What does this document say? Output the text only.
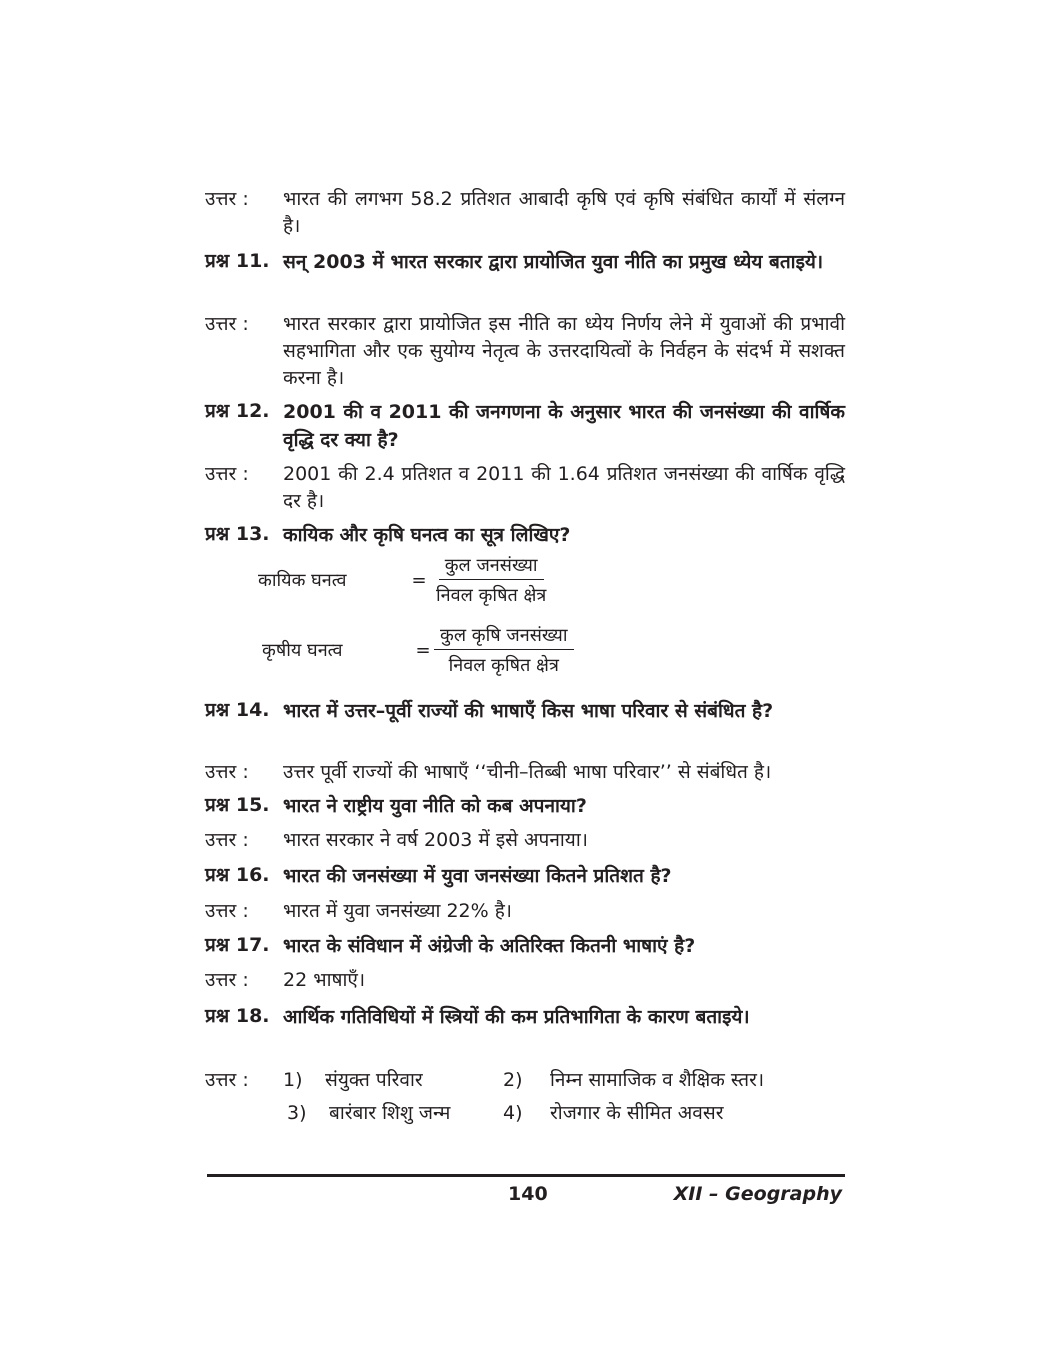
उत्तर :	भारत की लगभग 58.2 प्रतिशत आबादी कृषि एवं कृषि संबंधित कार्यों में संलग्न है।
प्रश्न 11. सन् 2003 में भारत सरकार द्वारा प्रायोजित युवा नीति का प्रमुख ध्येय बताइये।
उत्तर :	भारत सरकार द्वारा प्रायोजित इस नीति का ध्येय निर्णय लेने में युवाओं की प्रभावी सहभागिता और एक सुयोग्य नेतृत्व के उत्तरदायित्वों के निर्वहन के संदर्भ में सशक्त करना है।
प्रश्न 12. 2001 की व 2011 की जनगणना के अनुसार भारत की जनसंख्या की वार्षिक वृद्धि दर क्या है?
उत्तर :	2001 की 2.4 प्रतिशत व 2011 की 1.64 प्रतिशत जनसंख्या की वार्षिक वृद्धि दर है।
प्रश्न 13. कायिक और कृषि घनत्व का सूत्र लिखिए?
कायिक घनत्व	= $\frac{\text{कुल जनसंख्या}}{\text{निवल कृषित क्षेत्र}}$
कृषीय घनत्व	= $\frac{\text{कुल कृषि जनसंख्या}}{\text{निवल कृषित क्षेत्र}}$
प्रश्न 14. भारत में उत्तर–पूर्वी राज्यों की भाषाएँ किस भाषा परिवार से संबंधित है?
उत्तर :	उत्तर पूर्वी राज्यों की भाषाएँ ‘‘चीनी–तिब्बी भाषा परिवार’’ से संबंधित है।
प्रश्न 15. भारत ने राष्ट्रीय युवा नीति को कब अपनाया?
उत्तर :	भारत सरकार ने वर्ष 2003 में इसे अपनाया।
प्रश्न 16. भारत की जनसंख्या में युवा जनसंख्या कितने प्रतिशत है?
उत्तर :	भारत में युवा जनसंख्या 22% है।
प्रश्न 17. भारत के संविधान में अंग्रेजी के अतिरिक्त कितनी भाषाएं है?
उत्तर :	22 भाषाएँ।
प्रश्न 18. आर्थिक गतिविधियों में स्त्रियों की कम प्रतिभागिता के कारण बताइये।
उत्तर : 1) संयुक्त परिवार	2) निम्न सामाजिक व शैक्षिक स्तर।
3) बारंबार शिशु जन्म	4) रोजगार के सीमित अवसर
140	XII – Geography
